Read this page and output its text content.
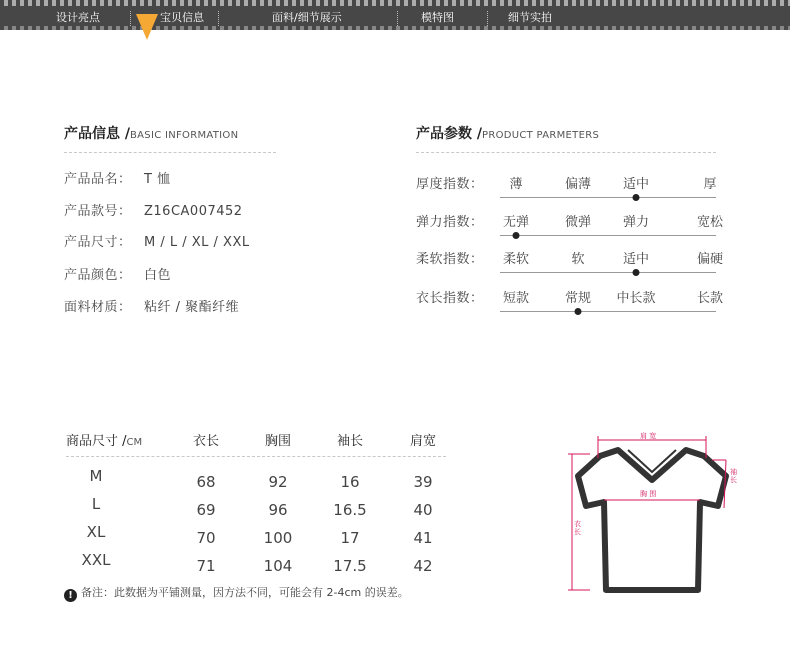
设计亮点	宝贝信息	面料/细节展示	模特图	细节实拍
产品信息 /BASIC INFORMATION
产品品名： T 恤
产品款号： Z16CA007452
产品尺寸： M / L / XL / XXL
产品颜色： 白色
面料材质： 粘纤 / 聚酯纤维
产品参数 /PRODUCT PARMETERS
厚度指数： 薄	偏薄 适中	厚
弹力指数： 无弹	微弹 弹力	宽松
柔软指数： 柔软	软	适中	偏硬
衣长指数： 短款	常规 中长款	长款
商品尺寸 /CM	衣长	胸围	袖长	肩宽
M	68	92	16	39
L	69	96	16.5	40
XL	70	100	17	41
XXL	71	104	17.5	42
! 备注：此数据为平铺测量，因方法不同，可能会有 2-4cm 的误差。
肩 宽
胸 围
袖
长
衣
长
